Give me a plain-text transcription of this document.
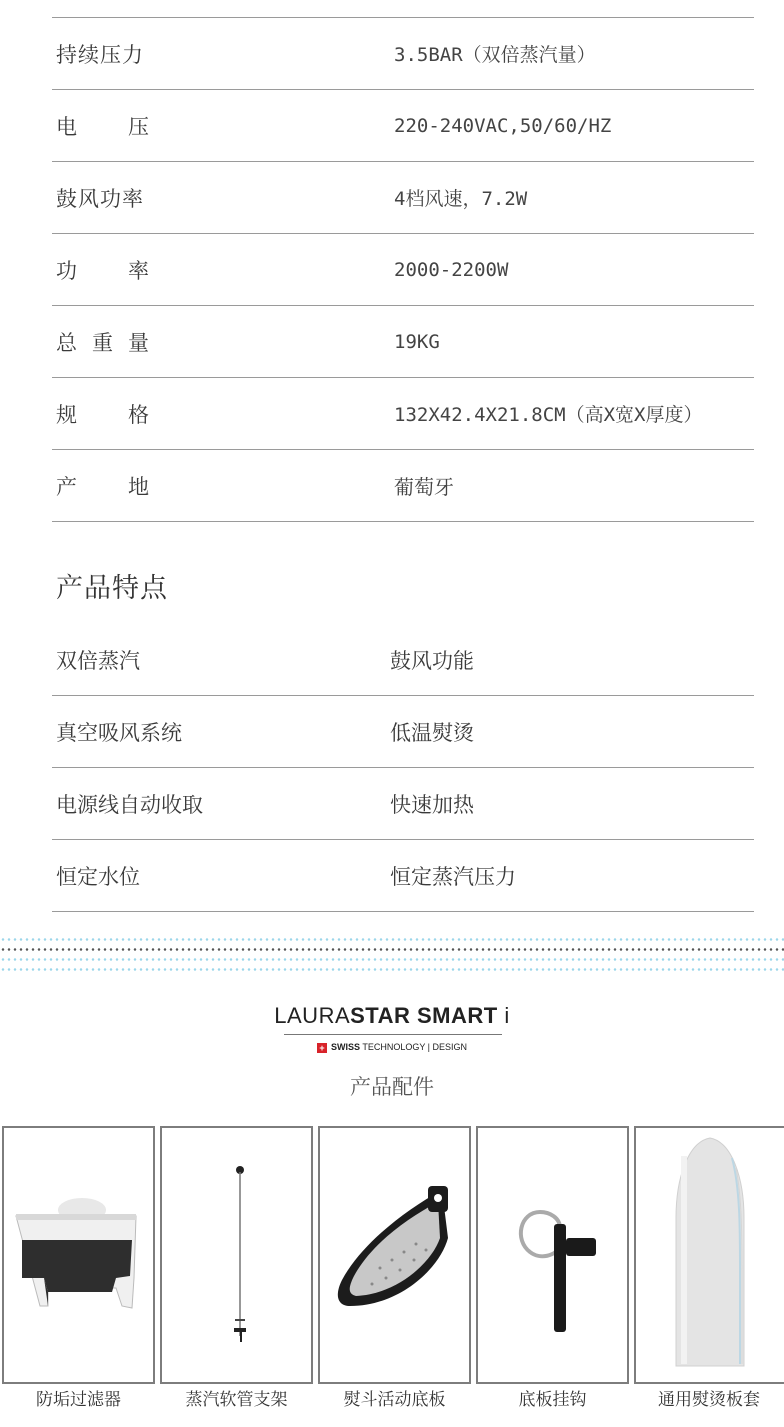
持续压力	3.5BAR（双倍蒸汽量）
电 压	220-240VAC,50/60/HZ
鼓风功率	4档风速，7.2W
功 率	2000-2200W
总 重 量	19KG
规 格	132X42.4X21.8CM（高X宽X厚度）
产 地	葡萄牙
产品特点
双倍蒸汽	鼓风功能
真空吸风系统	低温熨烫
电源线自动收取	快速加热
恒定水位	恒定蒸汽压力
LAURASTAR SMART i
+ SWISS TECHNOLOGY | DESIGN
产品配件
防垢过滤器	蒸汽软管支架	熨斗活动底板	底板挂钩	通用熨烫板套
